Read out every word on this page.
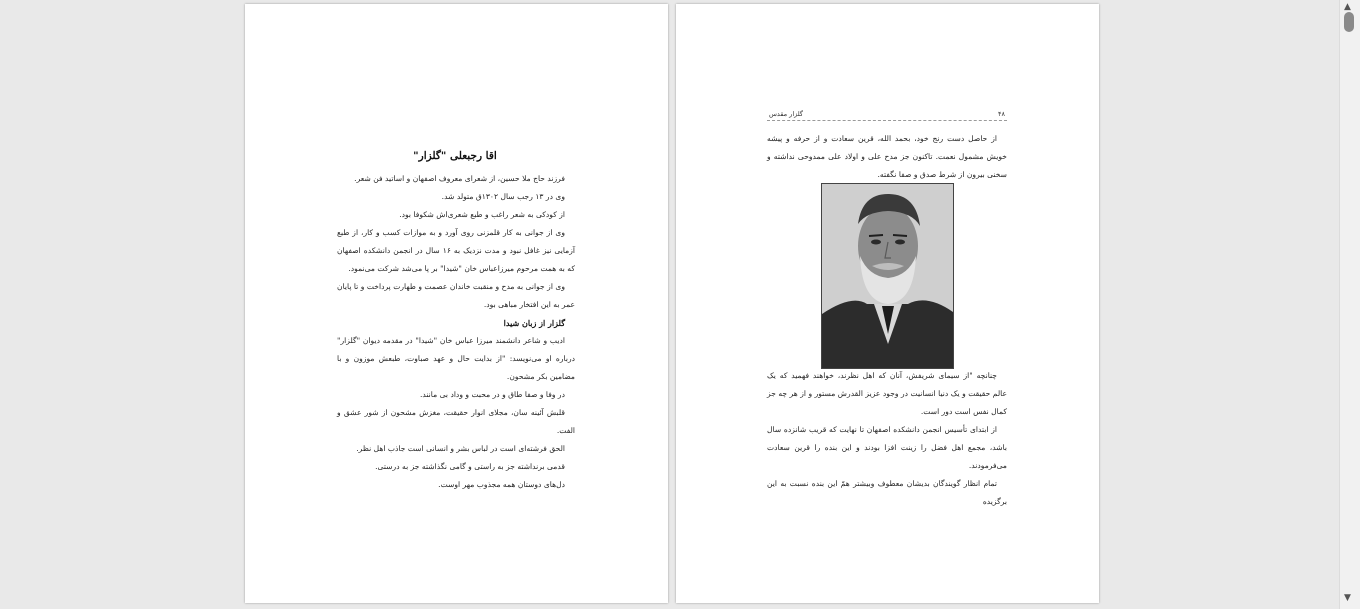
اقا رجبعلی "گلزار"

فرزند حاج ملا حسین، از شعرای معروف اصفهان و اساتید فن شعر.

وی در ۱۳ رجب سال ۱۳۰۲ق متولد شد.

از کودکی به شعر راغب و طبع شعری‌اش شکوفا بود.

وی از جوانی به کار قلمزنی روی آورد و به موازات کسب و کار، از طبع آزمایی نیز غافل نبود و مدت نزدیک به ۱۶ سال در انجمن دانشکده اصفهان که به همت مرحوم میرزاعباس خان "شیدا" بر پا می‌شد شرکت می‌نمود.

وی از جوانی به مدح و منقبت خاندان عصمت و طهارت پرداخت و تا پایان عمر به این افتخار مباهی بود.

گلزار از زبان شیدا

ادیب و شاعر دانشمند میرزا عباس خان "شیدا" در مقدمه دیوان "گلزار" درباره او می‌نویسد: "از بدایت حال و عهد صباوت، طبعش موزون و با مضامین بکر مشحون.

در وفا و صفا طاق و در محبت و وداد بی مانند.

قلبش آئینه سان، مجلای انوار حقیقت، مغزش مشحون از شور عشق و الفت.

الحق فرشته‌ای است در لباس بشر و انسانی است جاذب اهل نظر.

قدمی برنداشته جز به راستی و گامی نگذاشته جز به درستی.

دل‌های دوستان همه مجذوب مهر اوست.

۴۸
گلزار مقدس

از حاصل دست رنج خود، بحمد الله، قرین سعادت و از حرفه و پیشه خویش مشمول نعمت. تاکنون جز مدح علی و اولاد علی ممدوحی نداشته و سخنی بیرون از شرط صدق و صفا نگفته.

چنانچه "از سیمای شریفش، آنان که اهل نظرند، خواهند فهمید که یک عالم حقیقت و یک دنیا انسانیت در وجود عزیز القدرش مستور و از هر چه جز کمال نفس است دور است.

از ابتدای تأسیس انجمن دانشکده اصفهان تا نهایت که قریب شانزده سال باشد، مجمع اهل فضل را زینت افزا بودند و این بنده را قرین سعادت می‌فرمودند.

تمام انظار گویندگان بدیشان معطوف وبیشتر هم‌ّ این بنده نسبت به این برگزیده

▲
▼
